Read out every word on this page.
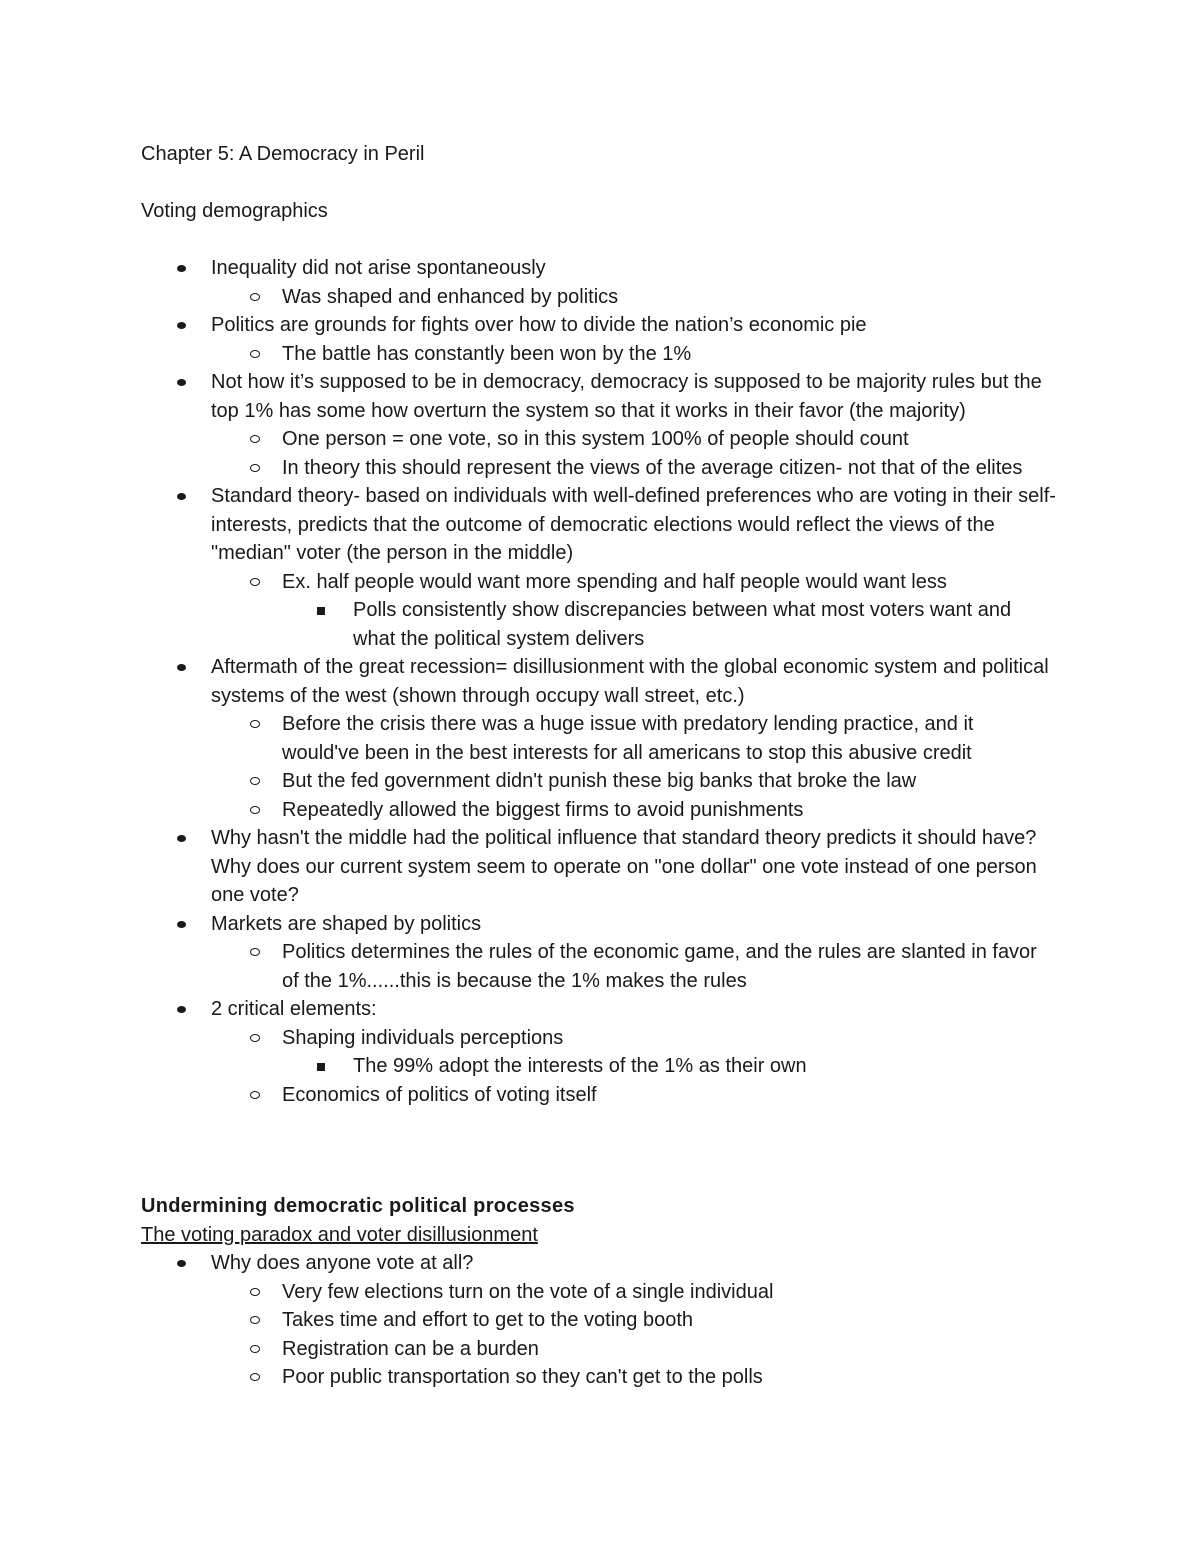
Chapter 5: A Democracy in Peril
Voting demographics
Inequality did not arise spontaneously
Was shaped and enhanced by politics
Politics are grounds for fights over how to divide the nation’s economic pie
The battle has constantly been won by the 1%
Not how it’s supposed to be in democracy, democracy is supposed to be majority rules but the top 1% has some how overturn the system so that it works in their favor (the majority)
One person = one vote, so in this system 100% of people should count
In theory this should represent the views of the average citizen- not that of the elites
Standard theory- based on individuals with well-defined preferences who are voting in their self-interests, predicts that the outcome of democratic elections would reflect the views of the "median" voter (the person in the middle)
Ex. half people would want more spending and half people would want less
Polls consistently show discrepancies between what most voters want and what the political system delivers
Aftermath of the great recession= disillusionment with the global economic system and political systems of the west (shown through occupy wall street, etc.)
Before the crisis there was a huge issue with predatory lending practice, and it would've been in the best interests for all americans to stop this abusive credit
But the fed government didn't punish these big banks that broke the law
Repeatedly allowed the biggest firms to avoid punishments
Why hasn't the middle had the political influence that standard theory predicts it should have? Why does our current system seem to operate on "one dollar" one vote instead of one person one vote?
Markets are shaped by politics
Politics determines the rules of the economic game, and the rules are slanted in favor of the 1%......this is because the 1% makes the rules
2 critical elements:
Shaping individuals perceptions
The 99% adopt the interests of the 1% as their own
Economics of politics of voting itself
Undermining democratic political processes
The voting paradox and voter disillusionment
Why does anyone vote at all?
Very few elections turn on the vote of a single individual
Takes time and effort to get to the voting booth
Registration can be a burden
Poor public transportation so they can't get to the polls
